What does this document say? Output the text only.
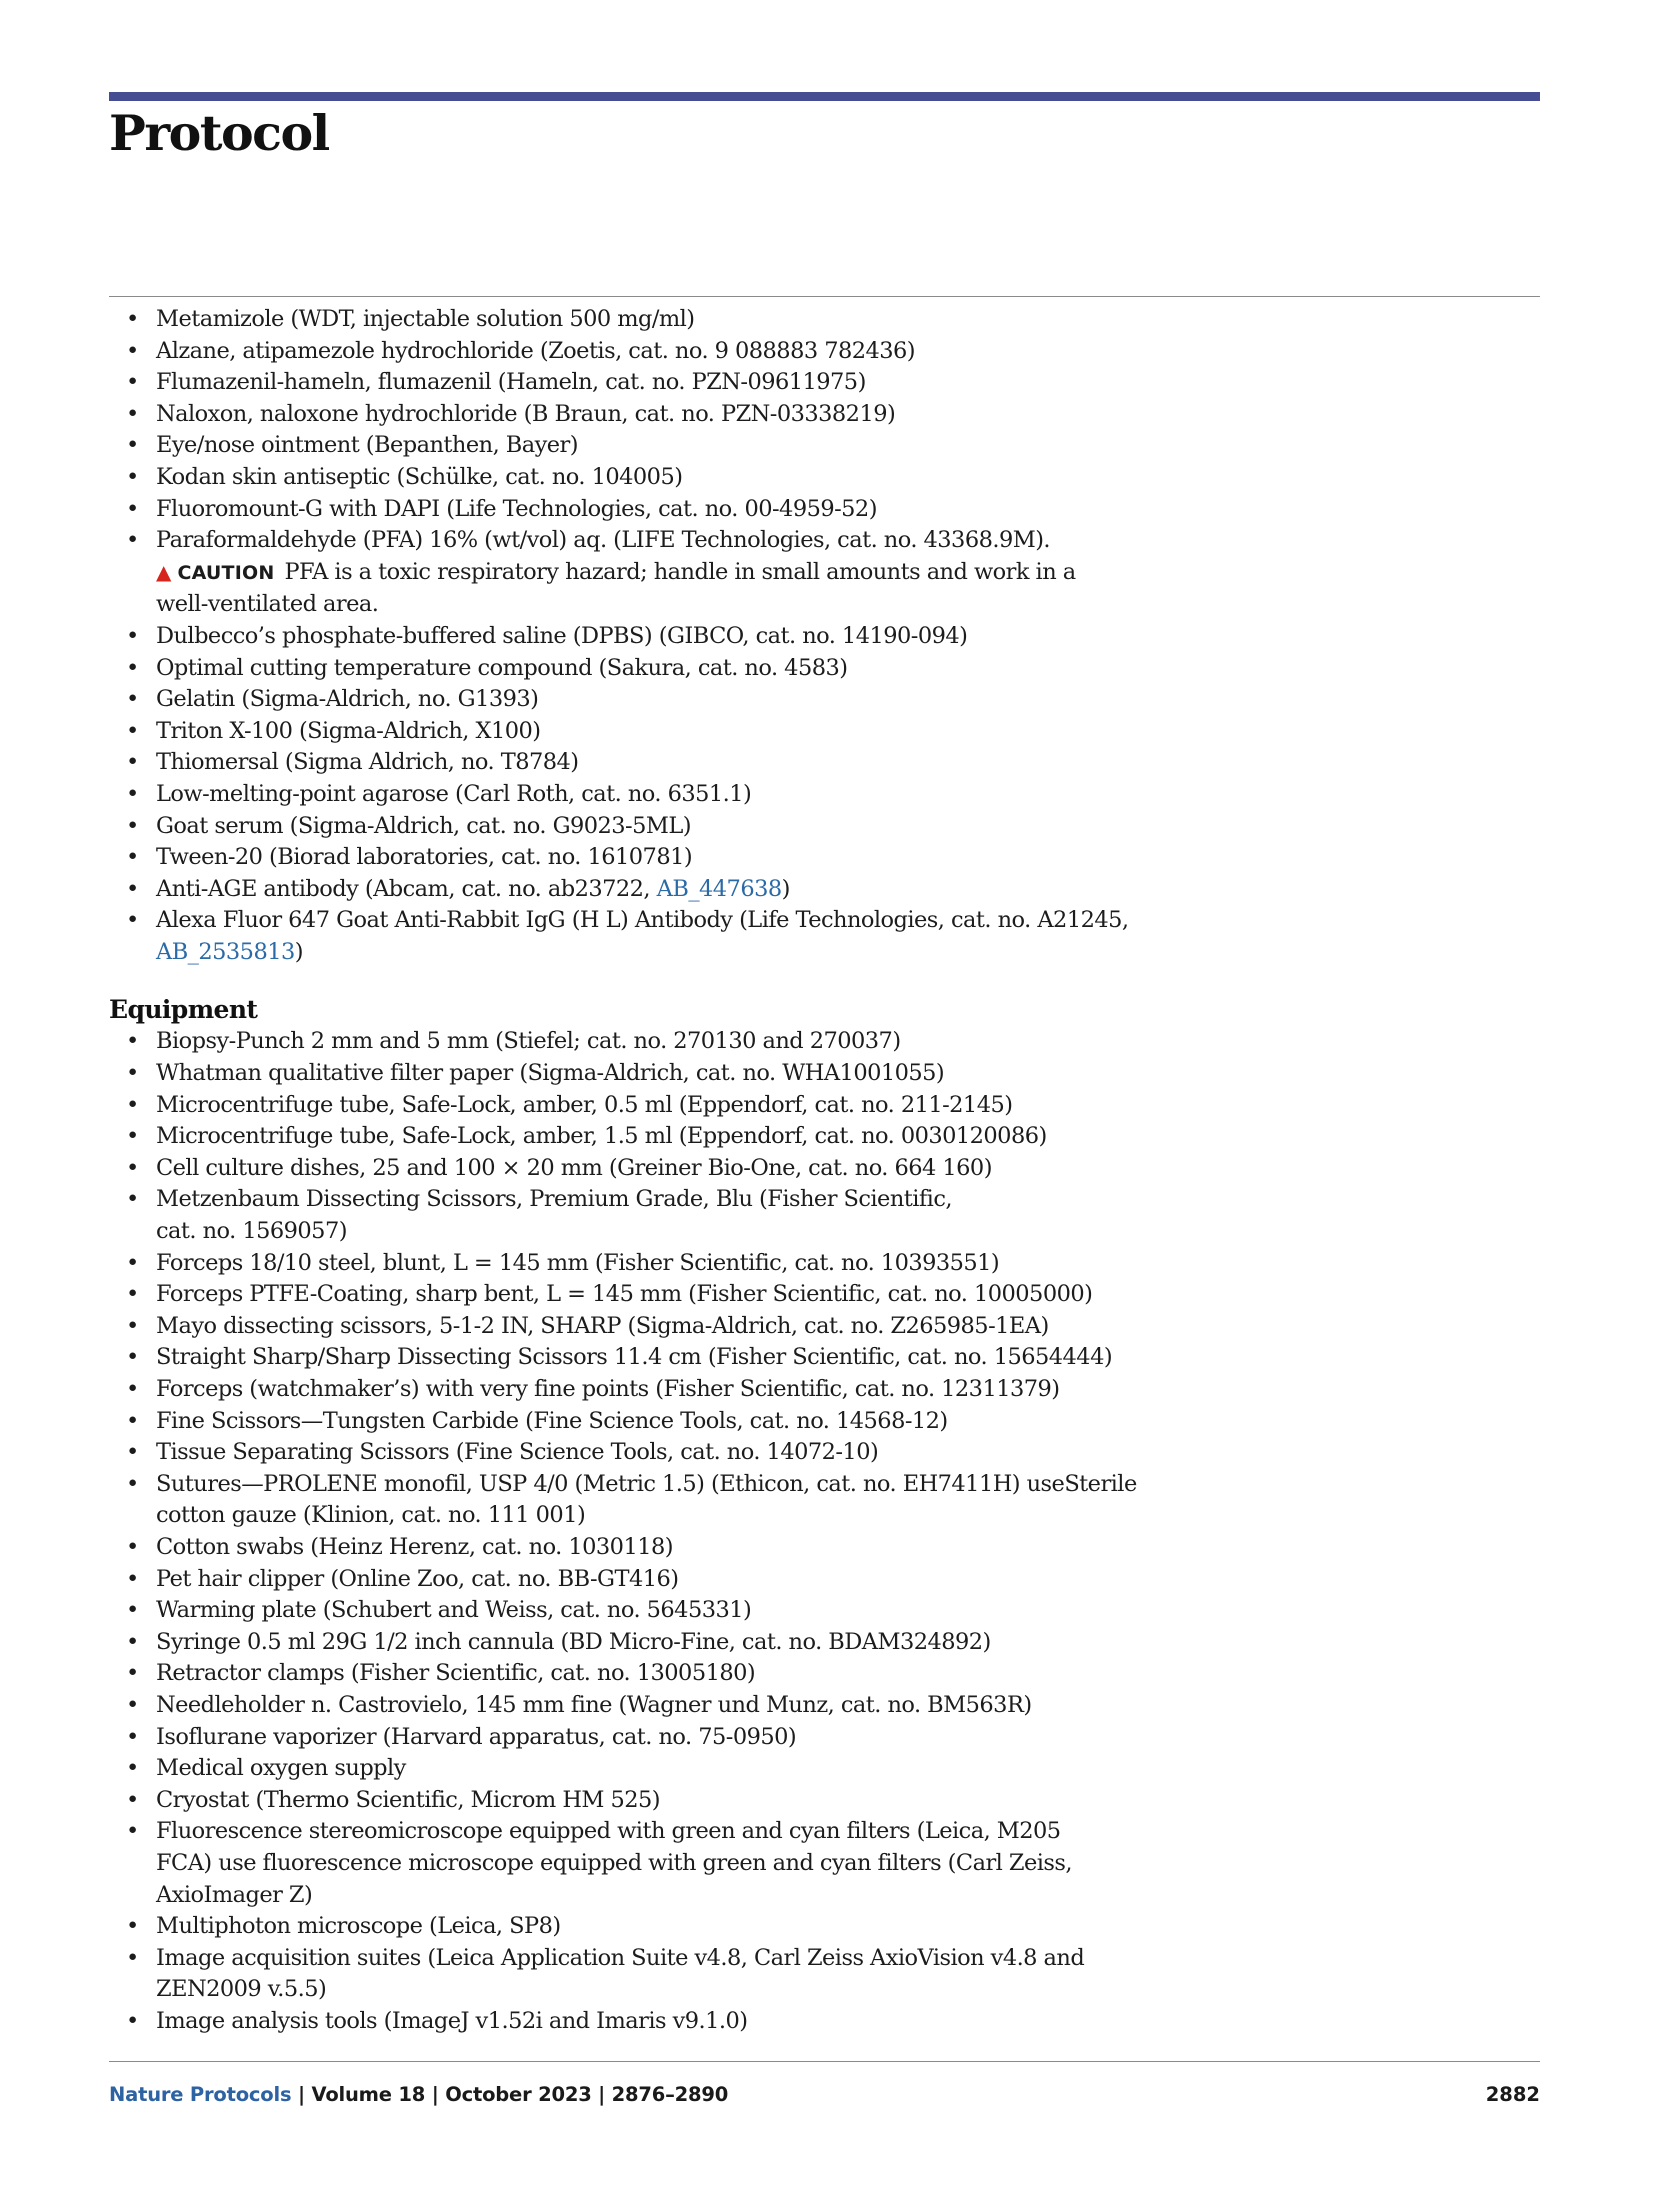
Protocol
• Metamizole (WDT, injectable solution 500 mg/ml)
• Alzane, atipamezole hydrochloride (Zoetis, cat. no. 9 088883 782436)
• Flumazenil-hameln, flumazenil (Hameln, cat. no. PZN-09611975)
• Naloxon, naloxone hydrochloride (B Braun, cat. no. PZN-03338219)
• Eye/nose ointment (Bepanthen, Bayer)
• Kodan skin antiseptic (Schülke, cat. no. 104005)
• Fluoromount-G with DAPI (Life Technologies, cat. no. 00-4959-52)
• Paraformaldehyde (PFA) 16% (wt/vol) aq. (LIFE Technologies, cat. no. 43368.9M).
▲ CAUTION PFA is a toxic respiratory hazard; handle in small amounts and work in a
well-ventilated area.
• Dulbecco’s phosphate-buffered saline (DPBS) (GIBCO, cat. no. 14190-094)
• Optimal cutting temperature compound (Sakura, cat. no. 4583)
• Gelatin (Sigma-Aldrich, no. G1393)
• Triton X-100 (Sigma-Aldrich, X100)
• Thiomersal (Sigma Aldrich, no. T8784)
• Low-melting-point agarose (Carl Roth, cat. no. 6351.1)
• Goat serum (Sigma-Aldrich, cat. no. G9023-5ML)
• Tween-20 (Biorad laboratories, cat. no. 1610781)
• Anti-AGE antibody (Abcam, cat. no. ab23722, AB_447638)
• Alexa Fluor 647 Goat Anti-Rabbit IgG (H L) Antibody (Life Technologies, cat. no. A21245,
AB_2535813)
Equipment
• Biopsy-Punch 2 mm and 5 mm (Stiefel; cat. no. 270130 and 270037)
• Whatman qualitative filter paper (Sigma-Aldrich, cat. no. WHA1001055)
• Microcentrifuge tube, Safe-Lock, amber, 0.5 ml (Eppendorf, cat. no. 211-2145)
• Microcentrifuge tube, Safe-Lock, amber, 1.5 ml (Eppendorf, cat. no. 0030120086)
• Cell culture dishes, 25 and 100 × 20 mm (Greiner Bio-One, cat. no. 664 160)
• Metzenbaum Dissecting Scissors, Premium Grade, Blu (Fisher Scientific,
cat. no. 1569057)
• Forceps 18/10 steel, blunt, L = 145 mm (Fisher Scientific, cat. no. 10393551)
• Forceps PTFE-Coating, sharp bent, L = 145 mm (Fisher Scientific, cat. no. 10005000)
• Mayo dissecting scissors, 5-1-2 IN, SHARP (Sigma-Aldrich, cat. no. Z265985-1EA)
• Straight Sharp/Sharp Dissecting Scissors 11.4 cm (Fisher Scientific, cat. no. 15654444)
• Forceps (watchmaker’s) with very fine points (Fisher Scientific, cat. no. 12311379)
• Fine Scissors—Tungsten Carbide (Fine Science Tools, cat. no. 14568-12)
• Tissue Separating Scissors (Fine Science Tools, cat. no. 14072-10)
• Sutures—PROLENE monofil, USP 4/0 (Metric 1.5) (Ethicon, cat. no. EH7411H) useSterile
cotton gauze (Klinion, cat. no. 111 001)
• Cotton swabs (Heinz Herenz, cat. no. 1030118)
• Pet hair clipper (Online Zoo, cat. no. BB-GT416)
• Warming plate (Schubert and Weiss, cat. no. 5645331)
• Syringe 0.5 ml 29G 1/2 inch cannula (BD Micro-Fine, cat. no. BDAM324892)
• Retractor clamps (Fisher Scientific, cat. no. 13005180)
• Needleholder n. Castrovielo, 145 mm fine (Wagner und Munz, cat. no. BM563R)
• Isoflurane vaporizer (Harvard apparatus, cat. no. 75-0950)
• Medical oxygen supply
• Cryostat (Thermo Scientific, Microm HM 525)
• Fluorescence stereomicroscope equipped with green and cyan filters (Leica, M205
FCA) use fluorescence microscope equipped with green and cyan filters (Carl Zeiss,
AxioImager Z)
• Multiphoton microscope (Leica, SP8)
• Image acquisition suites (Leica Application Suite v4.8, Carl Zeiss AxioVision v4.8 and
ZEN2009 v.5.5)
• Image analysis tools (ImageJ v1.52i and Imaris v9.1.0)
Nature Protocols | Volume 18 | October 2023 | 2876–2890	2882
